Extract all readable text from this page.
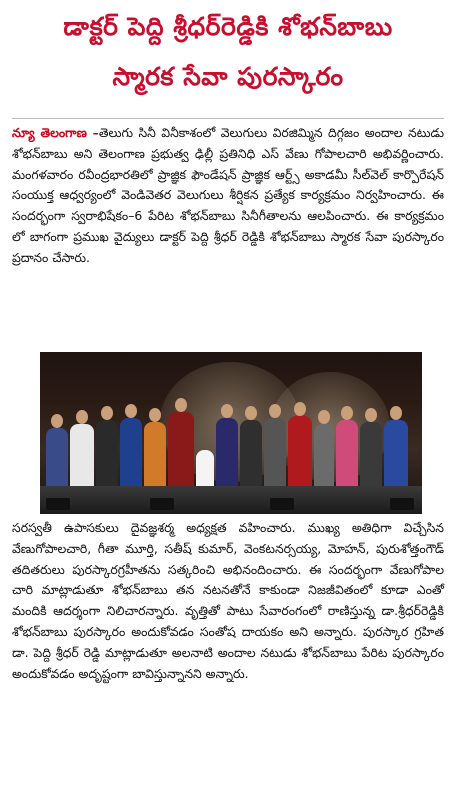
డాక్టర్ పెద్ది శ్రీధర్‌రెడ్డికి శోభన్‌బాబు
స్మారక సేవా పురస్కారం
న్యూ తెలంగాణ –తెలుగు సినీ వినీకాశంలో వెలుగులు విరజిమ్మిన దిగ్గజం అందాల నటుడు శోభన్‌బాబు అని తెలంగాణ ప్రభుత్వ ఢిల్లీ ప్రతినిధి ఎస్ వేణు గోపాలచారి అభివర్ణించారు. మంగళవారం రవీంద్రభారతిలో ప్రాజ్ఞిక ఫౌండేషన్ ప్రాజ్ఞిక ఆర్ట్స్ అకాడమీ సీల్‌వెల్ కార్పొరేషన్ సంయుక్త ఆధ్వర్యంలో వెండివెతర వెలుగులు శీర్షికన ప్రత్యేక కార్యక్రమం నిర్వహించారు. ఈ సందర్భంగా స్వరాభిషేకం–6 పేరిట శోభన్‌బాబు సినీగీతాలను ఆలపించారు. ఈ కార్యక్రమం లో బాగంగా ప్రముఖ వైద్యులు డాక్టర్ పెద్ది శ్రీధర్ రెడ్డికి శోభన్‌బాబు స్మారక సేవా పురస్కారం ప్రదానం చేసారు.
సరస్వతీ ఉపాసకులు దైవజ్ఞశర్మ అధ్యక్షత వహించారు. ముఖ్య అతిధిగా విచ్చేసిన వేణుగోపాలచారి, గీతా మూర్తి, సతీష్ కుమార్, వెంకటనర్సయ్య, మోహన్, పురుశోత్తంగౌడ్ తదితరులు పురస్కారగ్రహీతను సత్కరించి అభినందించారు. ఈ సందర్భంగా వేణుగోపాల చారి మాట్లాడుతూ శోభన్‌బాబు తన నటనతోనే కాకుండా నిజజీవితంలో కూడా ఎంతో మందికి ఆదర్శంగా నిలిచారన్నారు. వృత్తితో పాటు సేవారంగంలో రాణిస్తున్న డా.శ్రీధర్‌రెడ్డికి శోభన్‌బాబు పురస్కారం అందుకోవడం సంతోష దాయకం అని అన్నారు. పురస్కార గ్రహిత డా. పెద్ది శ్రీధర్ రెడ్డి మాట్లాడుతూ అలనాటి అందాల నటుడు శోభన్‌బాబు పేరిట పురస్కారం అందుకోవడం అదృష్టంగా బావిస్తున్నానని అన్నారు.
